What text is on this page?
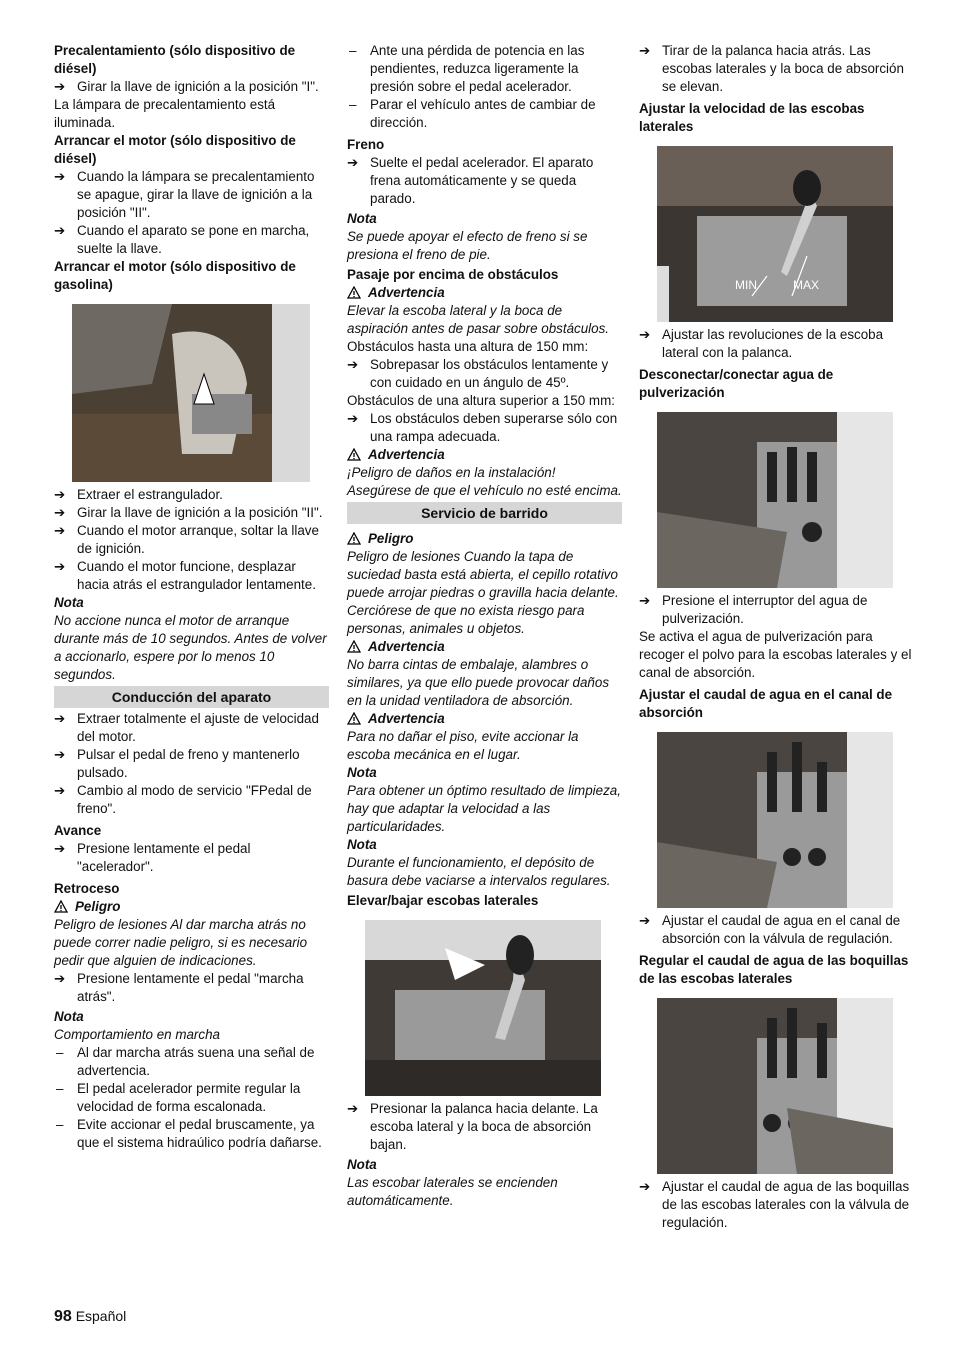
Precalentamiento (sólo dispositivo de diésel)

➔ Girar la llave de ignición a la posición "I".

La lámpara de precalentamiento está iluminada.

Arrancar el motor (sólo dispositivo de diésel)

➔ Cuando la lámpara se precalentamiento se apague, girar la llave de ignición a la posición "II".
➔ Cuando el aparato se pone en marcha, suelte la llave.

Arrancar el motor (sólo dispositivo de gasolina)

➔ Extraer el estrangulador.
➔ Girar la llave de ignición a la posición "II".
➔ Cuando el motor arranque, soltar la llave de ignición.
➔ Cuando el motor funcione, desplazar hacia atrás el estrangulador lentamente.

Nota

No accione nunca el motor de arranque durante más de 10 segundos. Antes de volver a accionarlo, espere por lo menos 10 segundos.

Conducción del aparato

➔ Extraer totalmente el ajuste de velocidad del motor.
➔ Pulsar el pedal de freno y mantenerlo pulsado.
➔ Cambio al modo de servicio "FPedal de freno".

Avance

➔ Presione lentamente el pedal "acelerador".

Retroceso

Peligro

Peligro de lesiones Al dar marcha atrás no puede correr nadie peligro, si es necesario pedir que alguien de indicaciones.

➔ Presione lentamente el pedal "marcha atrás".

Nota

Comportamiento en marcha

– Al dar marcha atrás suena una señal de advertencia.
– El pedal acelerador permite regular la velocidad de forma escalonada.
– Evite accionar el pedal bruscamente, ya que el sistema hidraúlico podría dañarse.
– Ante una pérdida de potencia en las pendientes, reduzca ligeramente la presión sobre el pedal acelerador.
– Parar el vehículo antes de cambiar de dirección.

Freno

➔ Suelte el pedal acelerador. El aparato frena automáticamente y se queda parado.

Nota

Se puede apoyar el efecto de freno si se presiona el freno de pie.

Pasaje por encima de obstáculos

Advertencia

Elevar la escoba lateral y la boca de aspiración antes de pasar sobre obstáculos.

Obstáculos hasta una altura de 150 mm:

➔ Sobrepasar los obstáculos lentamente y con cuidado en un ángulo de 45º.

Obstáculos de una altura superior a 150 mm:

➔ Los obstáculos deben superarse sólo con una rampa adecuada.

Advertencia

¡Peligro de daños en la instalación! Asegúrese de que el vehículo no esté encima.

Servicio de barrido

Peligro

Peligro de lesiones Cuando la tapa de suciedad basta está abierta, el cepillo rotativo puede arrojar piedras o gravilla hacia delante. Cerciórese de que no exista riesgo para personas, animales u objetos.

Advertencia

No barra cintas de embalaje, alambres o similares, ya que ello puede provocar daños en la unidad ventiladora de absorción.

Advertencia

Para no dañar el piso, evite accionar la escoba mecánica en el lugar.

Nota

Para obtener un óptimo resultado de limpieza, hay que adaptar la velocidad a las particularidades.

Nota

Durante el funcionamiento, el depósito de basura debe vaciarse a intervalos regulares.

Elevar/bajar escobas laterales

➔ Presionar la palanca hacia delante. La escoba lateral y la boca de absorción bajan.

Nota

Las escobar laterales se encienden automáticamente.

➔ Tirar de la palanca hacia atrás. Las escobas laterales y la boca de absorción se elevan.

Ajustar la velocidad de las escobas laterales

MIN	MAX
➔ Ajustar las revoluciones de la escoba lateral con la palanca.

Desconectar/conectar agua de pulverización

➔ Presione el interruptor del agua de pulverización.

Se activa el agua de pulverización para recoger el polvo para la escobas laterales y el canal de absorción.

Ajustar el caudal de agua en el canal de absorción

➔ Ajustar el caudal de agua en el canal de absorción con la válvula de regulación.

Regular el caudal de agua de las boquillas de las escobas laterales

➔ Ajustar el caudal de agua de las boquillas de las escobas laterales con la válvula de regulación.
98 Español
